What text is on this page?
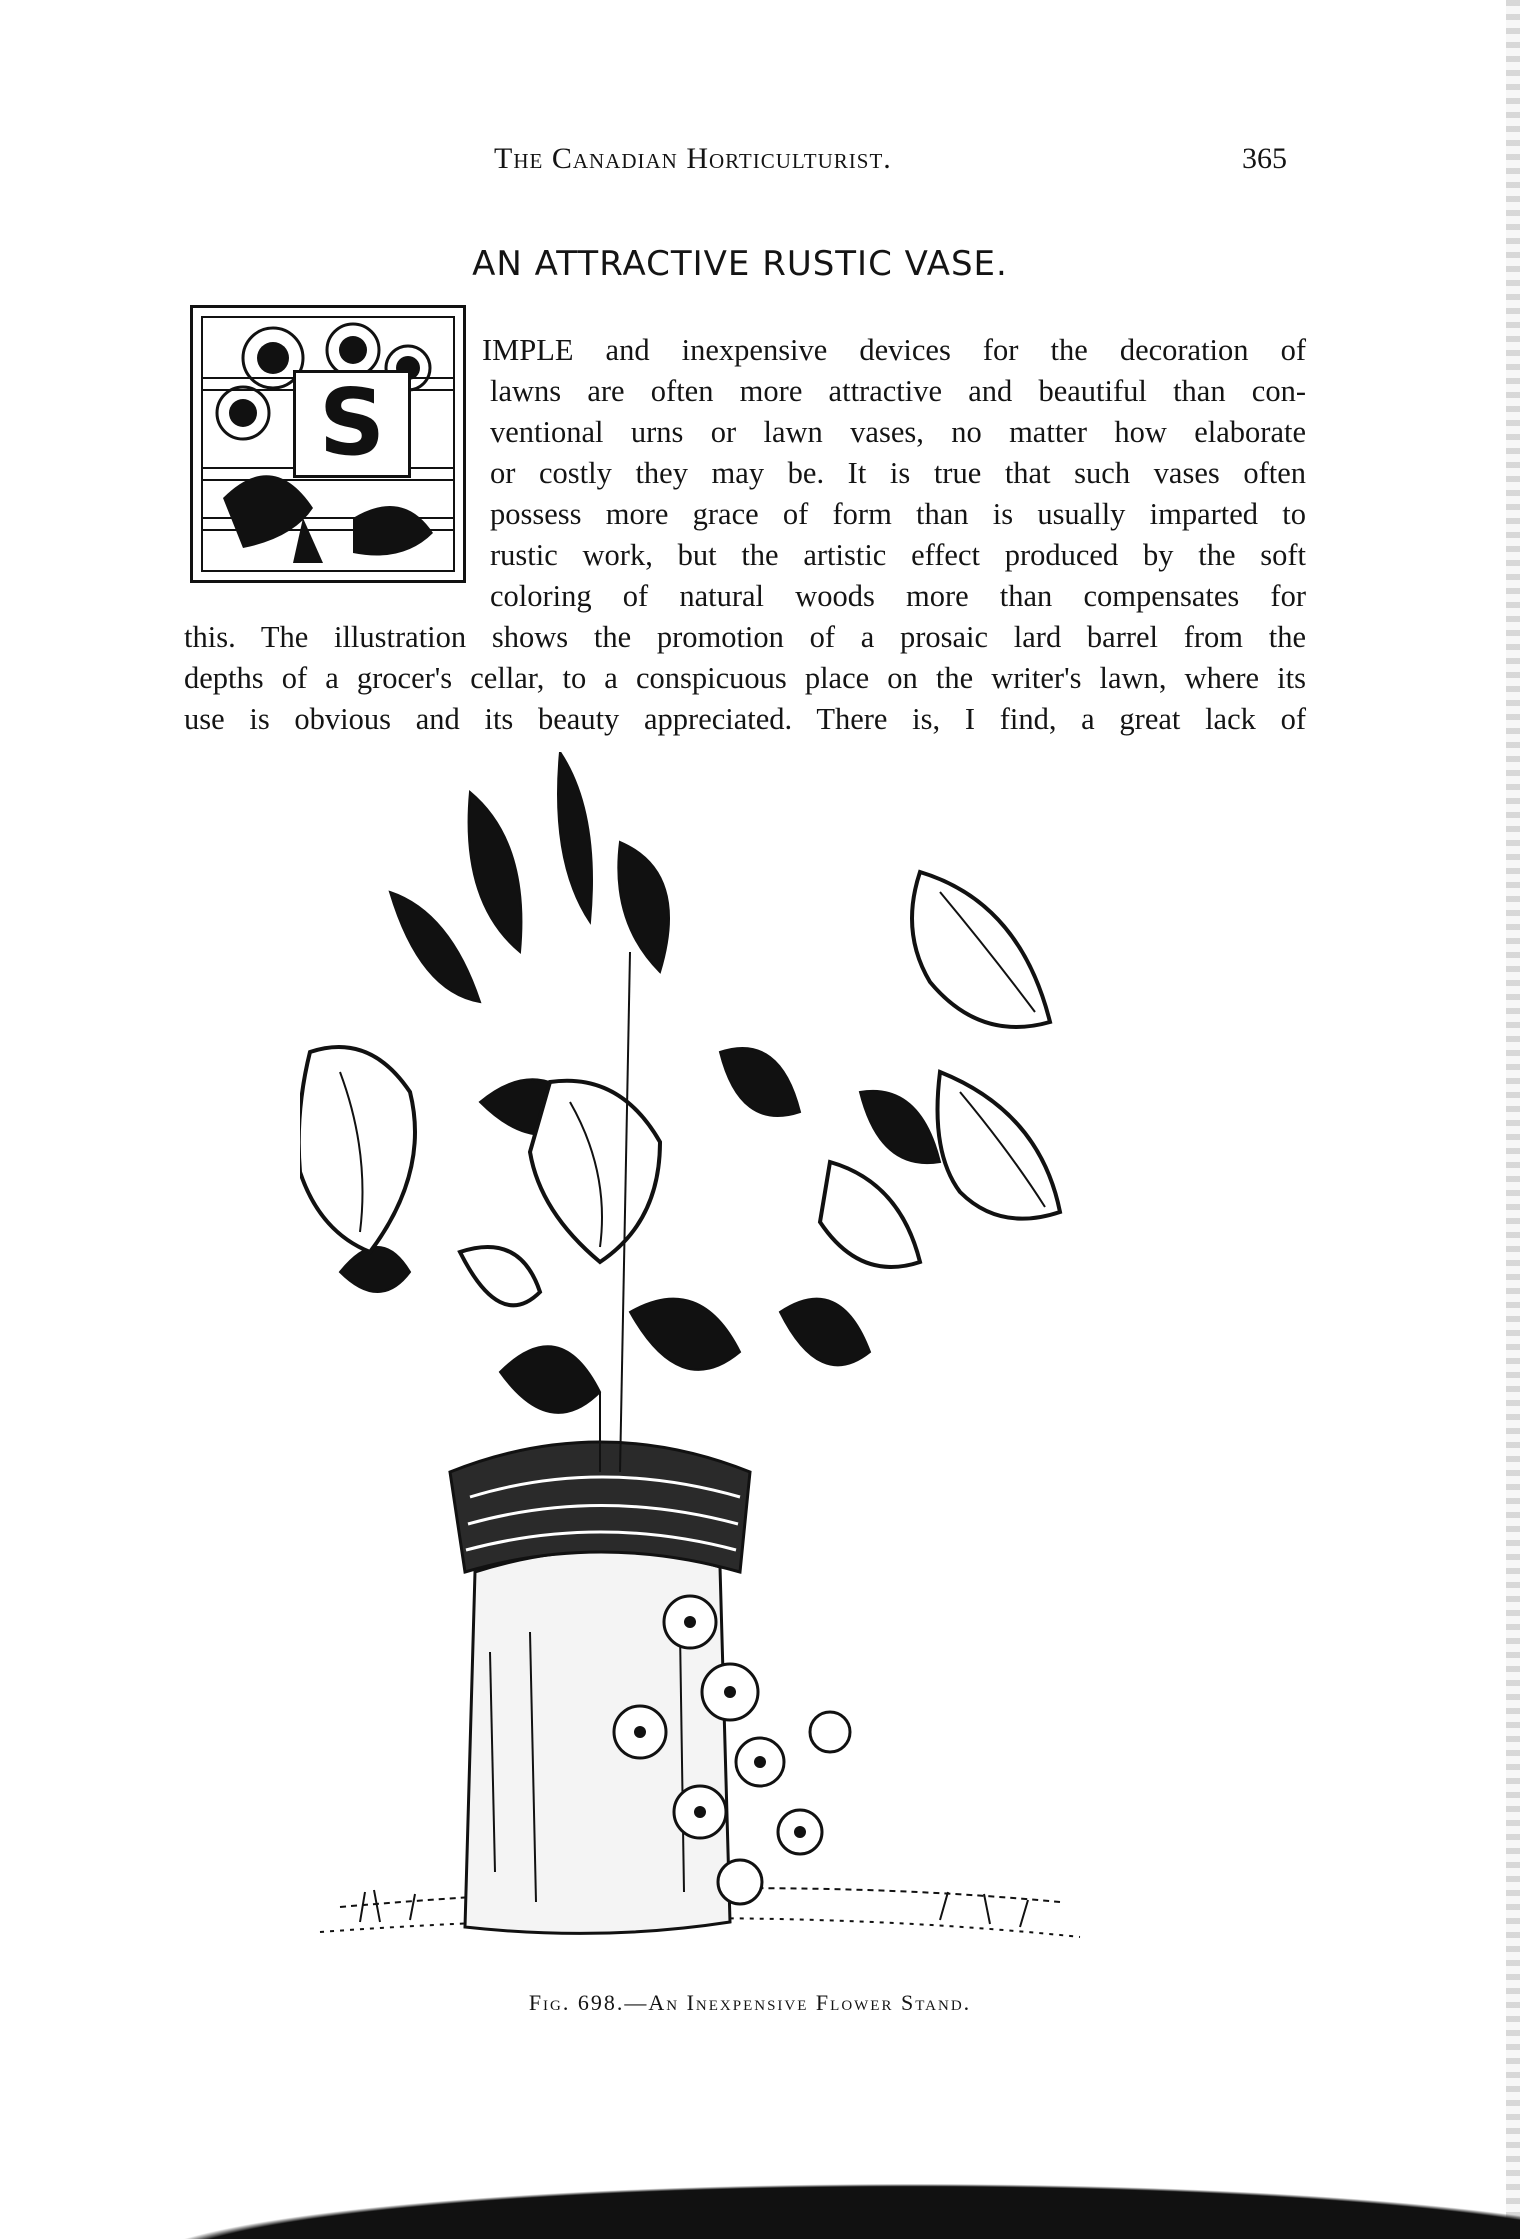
The Canadian Horticulturist.	365
AN ATTRACTIVE RUSTIC VASE.
S
IMPLE and inexpensive devices for the decoration of
lawns are often more attractive and beautiful than con-
ventional urns or lawn vases, no matter how elaborate
or costly they may be. It is true that such vases often
possess more grace of form than is usually imparted to
rustic work, but the artistic effect produced by the soft
coloring of natural woods more than compensates for
this. The illustration shows the promotion of a prosaic lard barrel from the
depths of a grocer's cellar, to a conspicuous place on the writer's lawn, where its
use is obvious and its beauty appreciated. There is, I find, a great lack of
Fig. 698.—An Inexpensive Flower Stand.
